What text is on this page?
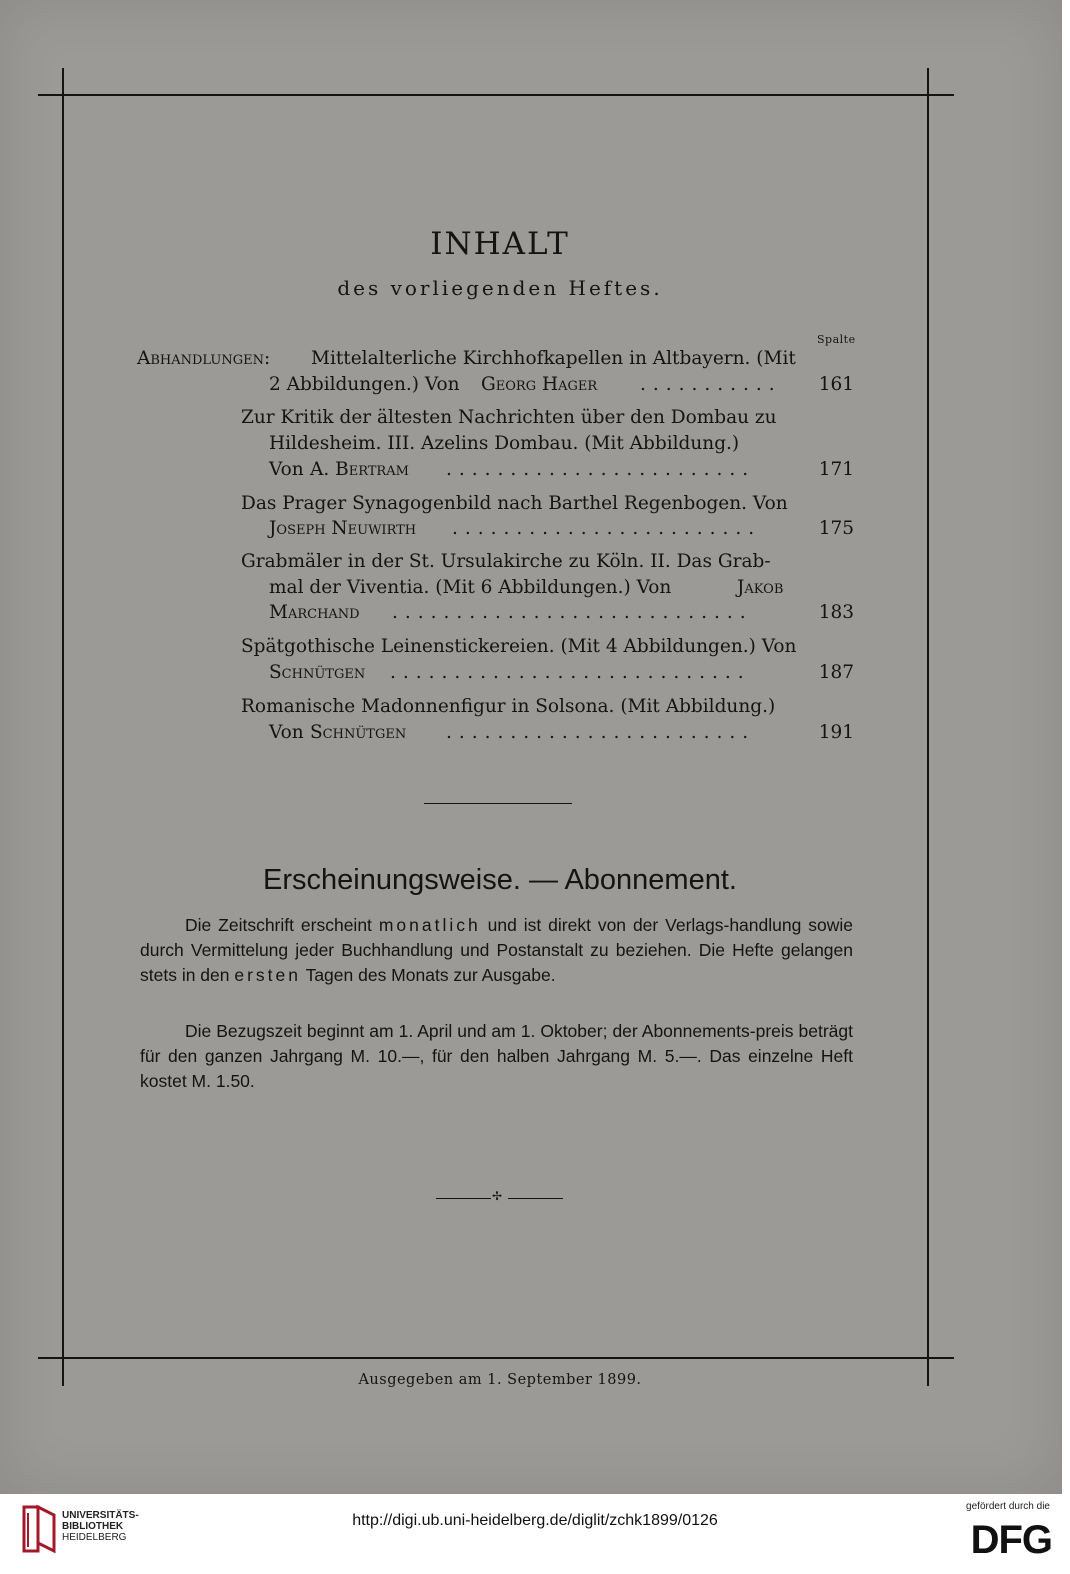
INHALT
des vorliegenden Heftes.
Spalte
Abhandlungen: Mittelalterliche Kirchhofkapellen in Altbayern. (Mit
2 Abbildungen.) Von Georg Hager ...........	161
Zur Kritik der ältesten Nachrichten über den Dombau zu
Hildesheim. III. Azelins Dombau. (Mit Abbildung.)
Von A. Bertram ........................	171
Das Prager Synagogenbild nach Barthel Regenbogen. Von
Joseph Neuwirth ........................	175
Grabmäler in der St. Ursulakirche zu Köln. II. Das Grab-
mal der Viventia. (Mit 6 Abbildungen.) Von	Jakob
Marchand ............................	183
Spätgothische Leinenstickereien. (Mit 4 Abbildungen.) Von
Schnütgen ............................	187
Romanische Madonnenfigur in Solsona. (Mit Abbildung.)
Von Schnütgen ........................	191
Erscheinungsweise. — Abonnement.
Die Zeitschrift erscheint monatlich und ist direkt von der Verlags-handlung sowie durch Vermittelung jeder Buchhandlung und Postanstalt zu beziehen. Die Hefte gelangen stets in den ersten Tagen des Monats zur Ausgabe.
Die Bezugszeit beginnt am 1. April und am 1. Oktober; der Abonnements-preis beträgt für den ganzen Jahrgang M. 10.—, für den halben Jahrgang M. 5.—. Das einzelne Heft kostet M. 1.50.
✢
Ausgegeben am 1. September 1899.
UNIVERSITÄTS-
BIBLIOTHEK
HEIDELBERG
http://digi.ub.uni-heidelberg.de/diglit/zchk1899/0126
gefördert durch die
DFG
